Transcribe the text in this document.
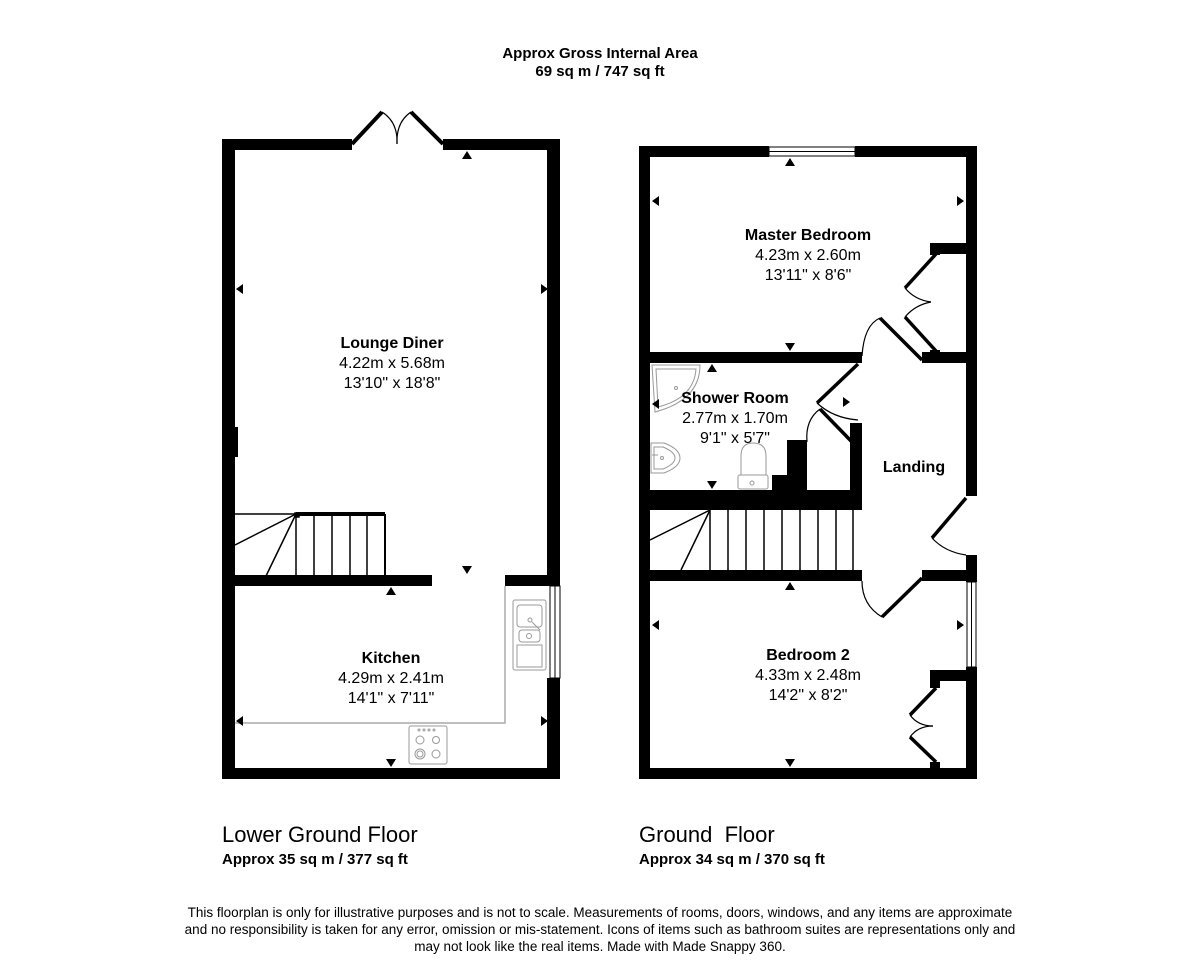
Approx Gross Internal Area
69 sq m / 747 sq ft
Lounge Diner
4.22m x 5.68m
13'10" x 18'8"
Kitchen
4.29m x 2.41m
14'1" x 7'11"
Master Bedroom
4.23m x 2.60m
13'11" x 8'6"
Shower Room
2.77m x 1.70m
9'1" x 5'7"
Landing
Bedroom 2
4.33m x 2.48m
14'2" x 8'2"
Lower Ground Floor
Approx 35 sq m / 377 sq ft
Ground  Floor
Approx 34 sq m / 370 sq ft
This floorplan is only for illustrative purposes and is not to scale. Measurements of rooms, doors, windows, and any items are approximate
and no responsibility is taken for any error, omission or mis-statement. Icons of items such as bathroom suites are representations only and
may not look like the real items. Made with Made Snappy 360.
